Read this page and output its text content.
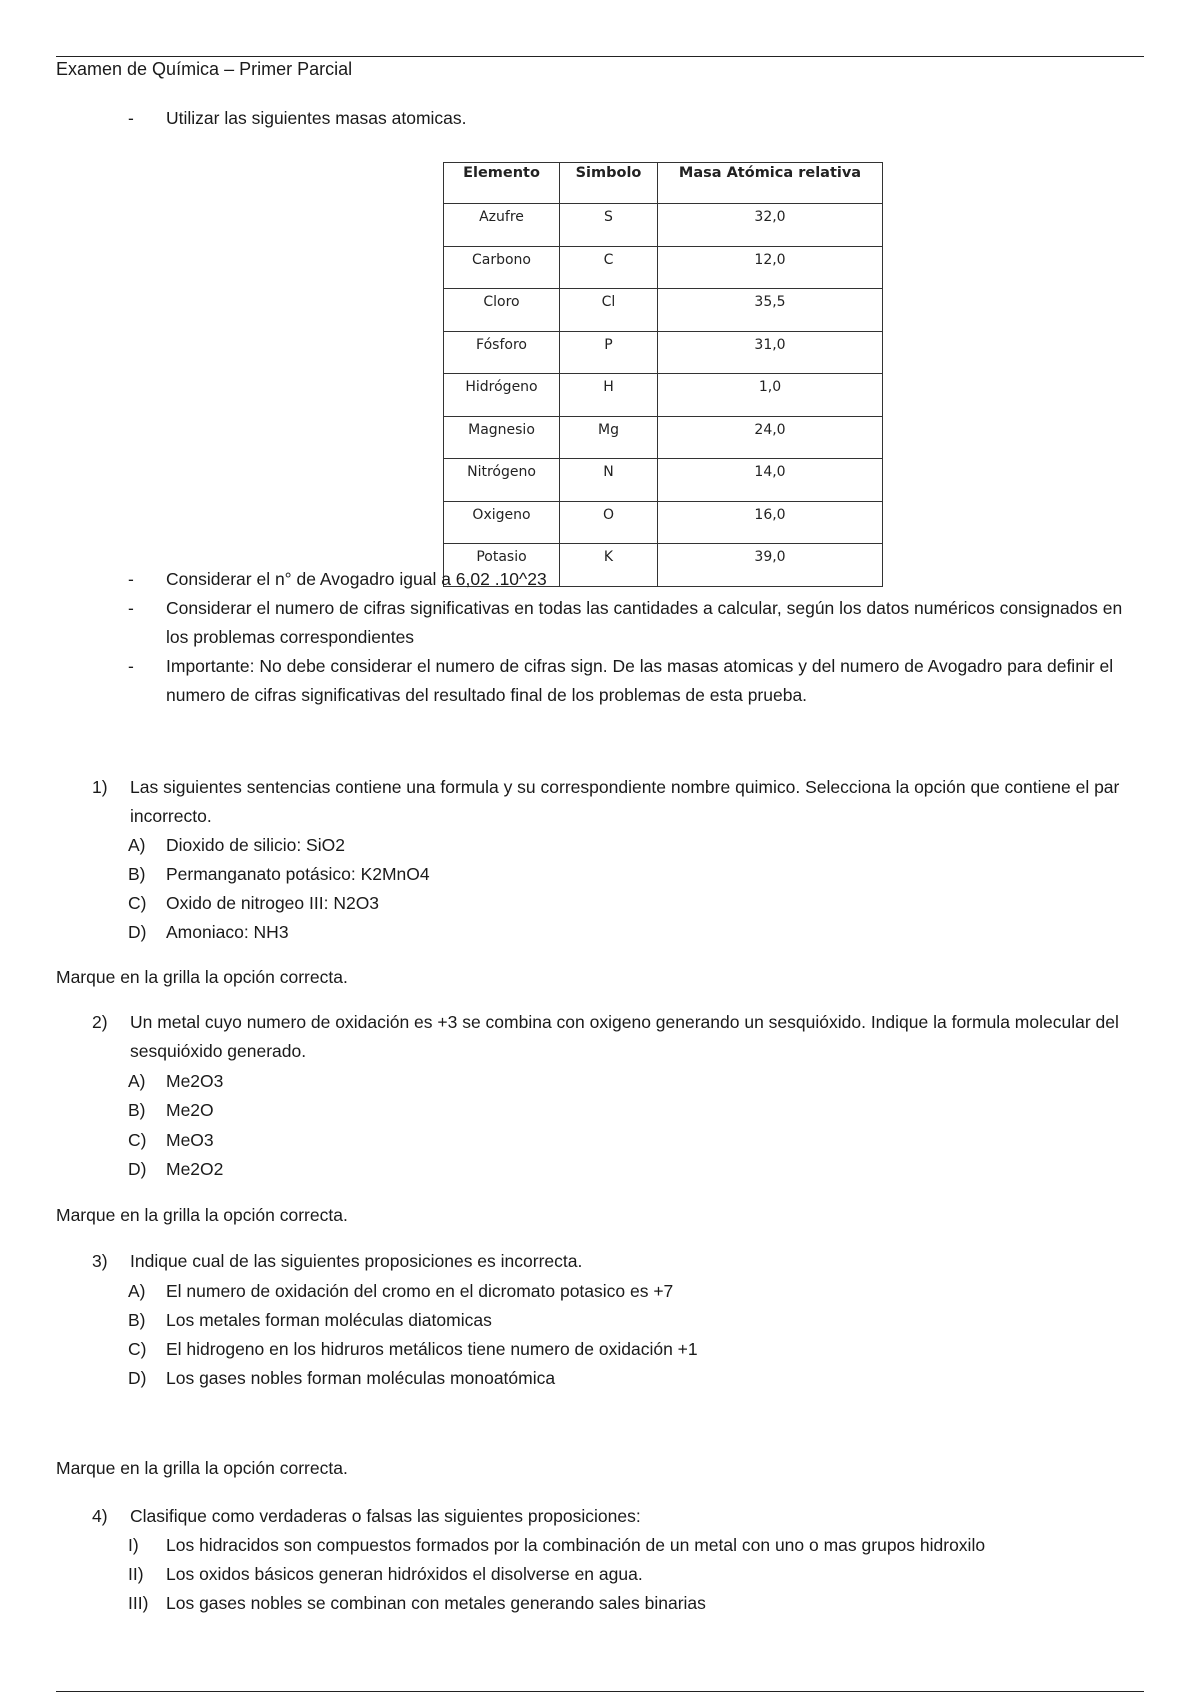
Examen de Química – Primer Parcial
-	Utilizar las siguientes masas atomicas.
Elemento	Simbolo	Masa Atómica relativa
Azufre	S	32,0
Carbono	C	12,0
Cloro	Cl	35,5
Fósforo	P	31,0
Hidrógeno	H	1,0
Magnesio	Mg	24,0
Nitrógeno	N	14,0
Oxigeno	O	16,0
Potasio	K	39,0
-	Considerar el n° de Avogadro igual a 6,02 .10^23
-	Considerar el numero de cifras significativas en todas las cantidades a calcular, según los datos numéricos consignados en los problemas correspondientes
-	Importante: No debe considerar el numero de cifras sign. De las masas atomicas y del numero de Avogadro para definir el numero de cifras significativas del resultado final de los problemas de esta prueba.
1)	Las siguientes sentencias contiene una formula y su correspondiente nombre quimico. Selecciona la opción que contiene el par incorrecto.
A) Dioxido de silicio: SiO2
B) Permanganato potásico: K2MnO4
C) Oxido de nitrogeo III: N2O3
D) Amoniaco: NH3
Marque en la grilla la opción correcta.
2)	Un metal cuyo numero de oxidación es +3 se combina con oxigeno generando un sesquióxido. Indique la formula molecular del sesquióxido generado.
A) Me2O3
B) Me2O
C) MeO3
D) Me2O2
Marque en la grilla la opción correcta.
3)	Indique cual de las siguientes proposiciones es incorrecta.
A) El numero de oxidación del cromo en el dicromato potasico es +7
B) Los metales forman moléculas diatomicas
C) El hidrogeno en los hidruros metálicos tiene numero de oxidación +1
D) Los gases nobles forman moléculas monoatómica
Marque en la grilla la opción correcta.
4)	Clasifique como verdaderas o falsas las siguientes proposiciones:
I) Los hidracidos son compuestos formados por la combinación de un metal con uno o mas grupos hidroxilo
II) Los oxidos básicos generan hidróxidos el disolverse en agua.
III) Los gases nobles se combinan con metales generando sales binarias
